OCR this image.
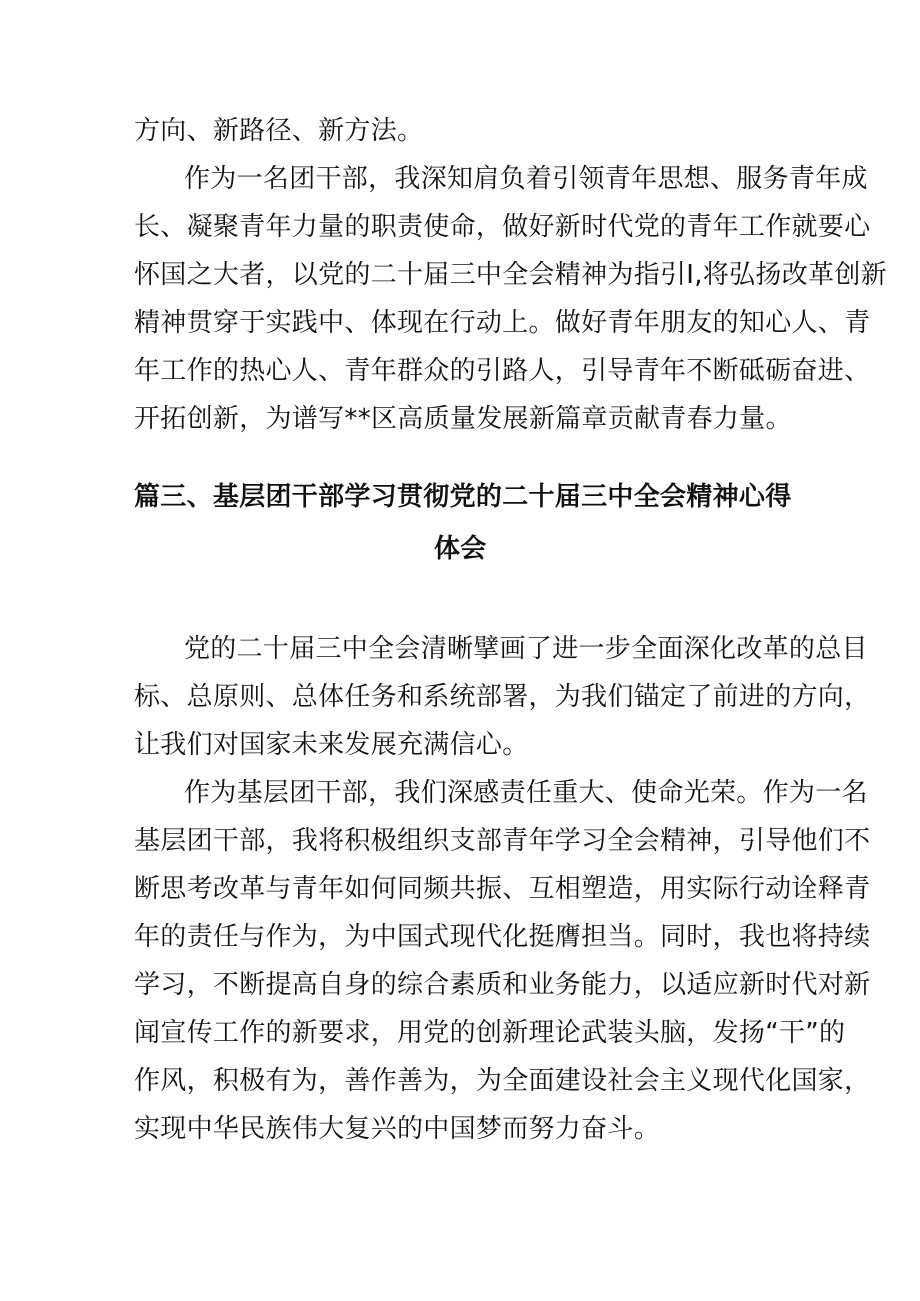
方向、新路径、新方法。
作为一名团干部，我深知肩负着引领青年思想、服务青年成
长、凝聚青年力量的职责使命，做好新时代党的青年工作就要心
怀国之大者，以党的二十届三中全会精神为指引I,将弘扬改革创新
精神贯穿于实践中、体现在行动上。做好青年朋友的知心人、青
年工作的热心人、青年群众的引路人，引导青年不断砥砺奋进、
开拓创新，为谱写**区高质量发展新篇章贡献青春力量。
篇三、基层团干部学习贯彻党的二十届三中全会精神心得
体会
党的二十届三中全会清晰擘画了进一步全面深化改革的总目
标、总原则、总体任务和系统部署，为我们锚定了前进的方向，
让我们对国家未来发展充满信心。
作为基层团干部，我们深感责任重大、使命光荣。作为一名
基层团干部，我将积极组织支部青年学习全会精神，引导他们不
断思考改革与青年如何同频共振、互相塑造，用实际行动诠释青
年的责任与作为，为中国式现代化挺膺担当。同时，我也将持续
学习，不断提高自身的综合素质和业务能力，以适应新时代对新
闻宣传工作的新要求，用党的创新理论武装头脑，发扬“干”的
作风，积极有为，善作善为，为全面建设社会主义现代化国家，
实现中华民族伟大复兴的中国梦而努力奋斗。
